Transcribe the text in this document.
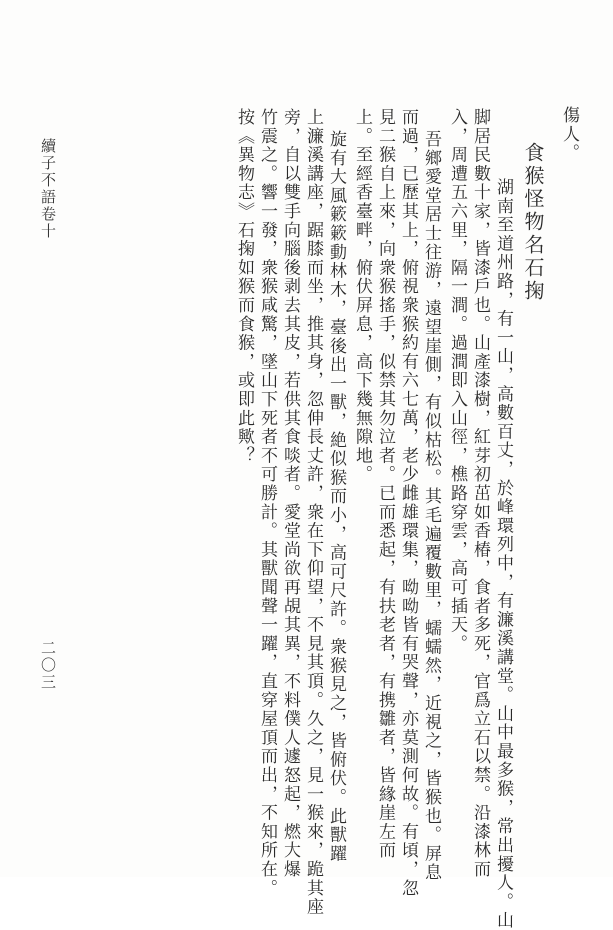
傷人。
食猴怪物名石掬
湖南至道州路，有一山，高數百丈，於峰環列中，有濂溪講堂。山中最多猴，常出擾人。山
脚居民數十家，皆漆戶也。山產漆樹，紅芽初茁如香椿，食者多死，官爲立石以禁。沿漆林而
入，周遭五六里，隔一澗。過澗即入山徑，樵路穿雲，高可插天。
吾鄉愛堂居士往游，遠望崖側，有似枯松。其毛遍覆數里，蠕蠕然，近視之，皆猴也。屏息
而過，已歷其上，俯視衆猴約有六七萬，老少雌雄環集，呦呦皆有哭聲，亦莫測何故。有頃，忽
見二猴自上來，向衆猴搖手，似禁其勿泣者。已而悉起，有扶老者，有携雛者，皆緣崖左而
上。至經香臺畔，俯伏屏息，高下幾無隙地。
旋有大風簌簌動林木，臺後出一獸，絶似猴而小，高可尺許。衆猴見之，皆俯伏。此獸躍
上濂溪講座，踞膝而坐，推其身，忽伸長丈許，衆在下仰望，不見其頂。久之，見一猴來，跪其座
旁，自以雙手向腦後剥去其皮，若供其食啖者。愛堂尚欲再覘其異，不料僕人遽怒起，燃大爆
竹震之。響一發，衆猴咸驚，墜山下死者不可勝計。其獸聞聲一躍，直穿屋頂而出，不知所在。
按《異物志》石掬如猴而食猴，或即此歟？
續子不語卷十
二〇三
